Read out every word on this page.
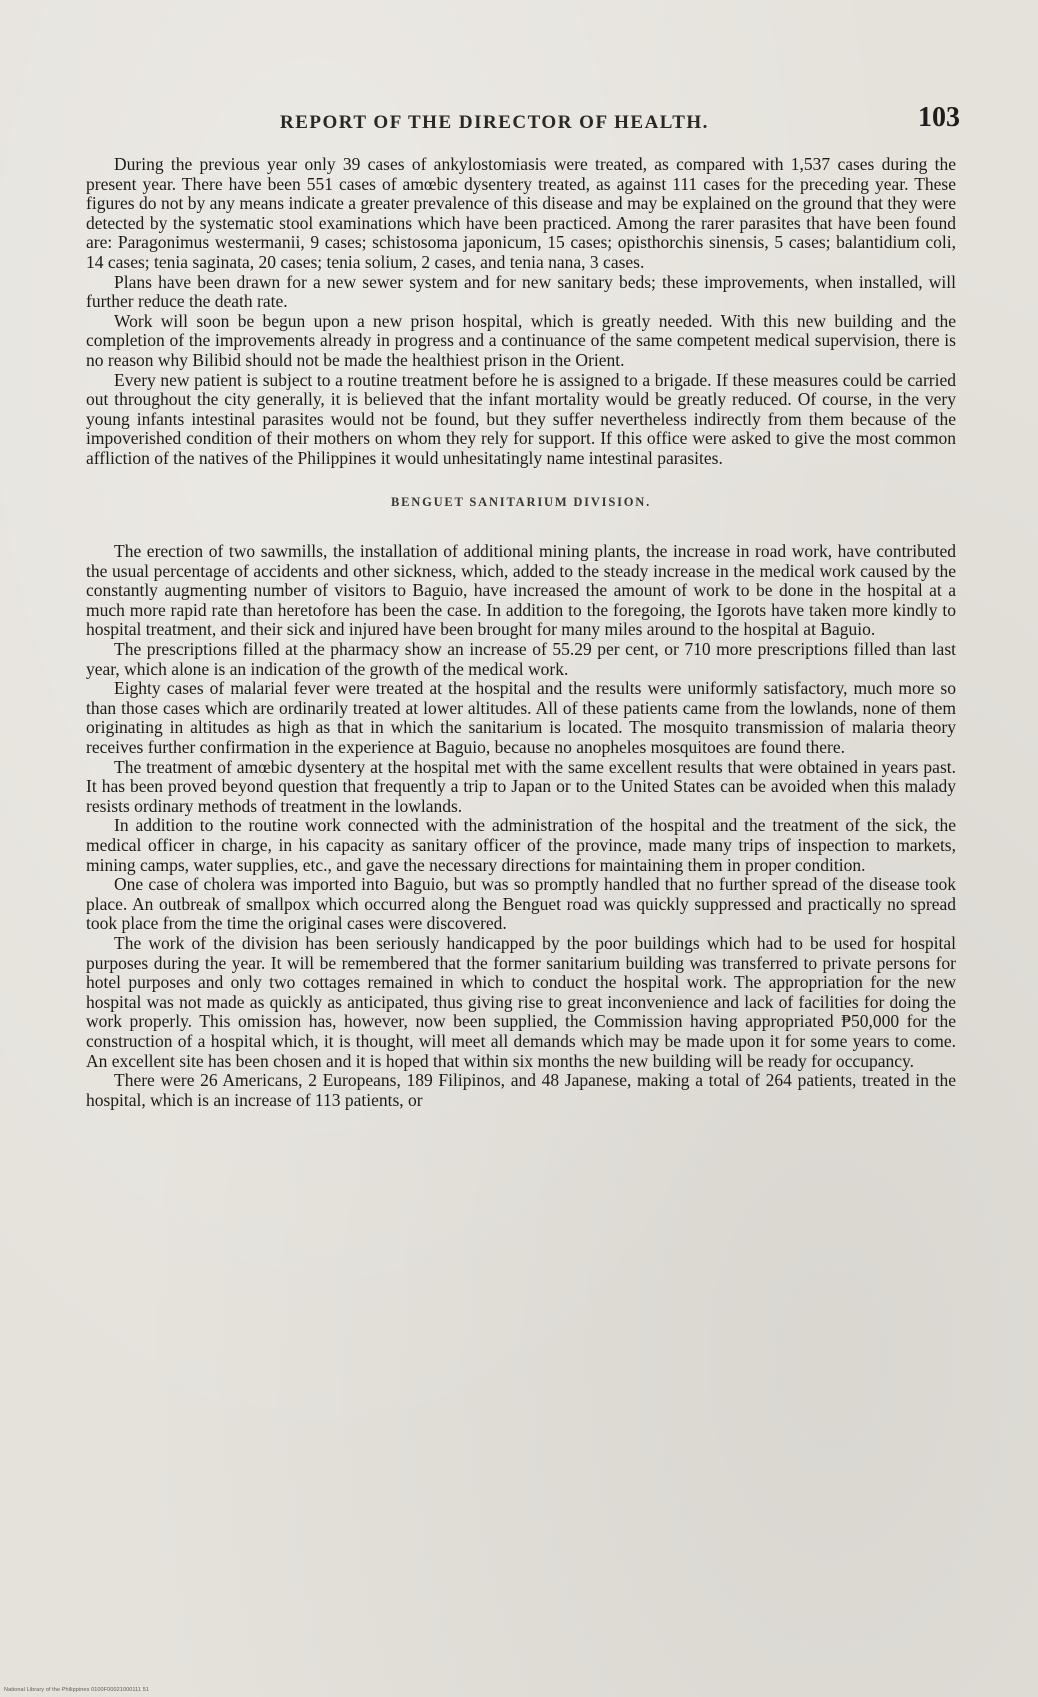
REPORT OF THE DIRECTOR OF HEALTH.	103

During the previous year only 39 cases of ankylostomiasis were treated, as compared with 1,537 cases during the present year. There have been 551 cases of amœbic dysentery treated, as against 111 cases for the preceding year. These figures do not by any means indicate a greater prevalence of this disease and may be explained on the ground that they were detected by the systematic stool examinations which have been practiced. Among the rarer parasites that have been found are: Paragonimus westermanii, 9 cases; schistosoma japonicum, 15 cases; opisthorchis sinensis, 5 cases; balantidium coli, 14 cases; tenia saginata, 20 cases; tenia solium, 2 cases, and tenia nana, 3 cases.

Plans have been drawn for a new sewer system and for new sanitary beds; these improvements, when installed, will further reduce the death rate.

Work will soon be begun upon a new prison hospital, which is greatly needed. With this new building and the completion of the improvements already in progress and a continuance of the same competent medical supervision, there is no reason why Bilibid should not be made the healthiest prison in the Orient.

Every new patient is subject to a routine treatment before he is assigned to a brigade. If these measures could be carried out throughout the city generally, it is believed that the infant mortality would be greatly reduced. Of course, in the very young infants intestinal parasites would not be found, but they suffer nevertheless indirectly from them because of the impoverished condition of their mothers on whom they rely for support. If this office were asked to give the most common affliction of the natives of the Philippines it would unhesitatingly name intestinal parasites.

BENGUET SANITARIUM DIVISION.

The erection of two sawmills, the installation of additional mining plants, the increase in road work, have contributed the usual percentage of accidents and other sickness, which, added to the steady increase in the medical work caused by the constantly augmenting number of visitors to Baguio, have increased the amount of work to be done in the hospital at a much more rapid rate than heretofore has been the case. In addition to the foregoing, the Igorots have taken more kindly to hospital treatment, and their sick and injured have been brought for many miles around to the hospital at Baguio.

The prescriptions filled at the pharmacy show an increase of 55.29 per cent, or 710 more prescriptions filled than last year, which alone is an indication of the growth of the medical work.

Eighty cases of malarial fever were treated at the hospital and the results were uniformly satisfactory, much more so than those cases which are ordinarily treated at lower altitudes. All of these patients came from the lowlands, none of them originating in altitudes as high as that in which the sanitarium is located. The mosquito transmission of malaria theory receives further confirmation in the experience at Baguio, because no anopheles mosquitoes are found there.

The treatment of amœbic dysentery at the hospital met with the same excellent results that were obtained in years past. It has been proved beyond question that frequently a trip to Japan or to the United States can be avoided when this malady resists ordinary methods of treatment in the lowlands.

In addition to the routine work connected with the administration of the hospital and the treatment of the sick, the medical officer in charge, in his capacity as sanitary officer of the province, made many trips of inspection to markets, mining camps, water supplies, etc., and gave the necessary directions for maintaining them in proper condition.

One case of cholera was imported into Baguio, but was so promptly handled that no further spread of the disease took place. An outbreak of smallpox which occurred along the Benguet road was quickly suppressed and practically no spread took place from the time the original cases were discovered.

The work of the division has been seriously handicapped by the poor buildings which had to be used for hospital purposes during the year. It will be remembered that the former sanitarium building was transferred to private persons for hotel purposes and only two cottages remained in which to conduct the hospital work. The appropriation for the new hospital was not made as quickly as anticipated, thus giving rise to great inconvenience and lack of facilities for doing the work properly. This omission has, however, now been supplied, the Commission having appropriated ₱50,000 for the construction of a hospital which, it is thought, will meet all demands which may be made upon it for some years to come. An excellent site has been chosen and it is hoped that within six months the new building will be ready for occupancy.

There were 26 Americans, 2 Europeans, 189 Filipinos, and 48 Japanese, making a total of 264 patients, treated in the hospital, which is an increase of 113 patients, or

National Library of the Philippines 0100F00021000111 51
